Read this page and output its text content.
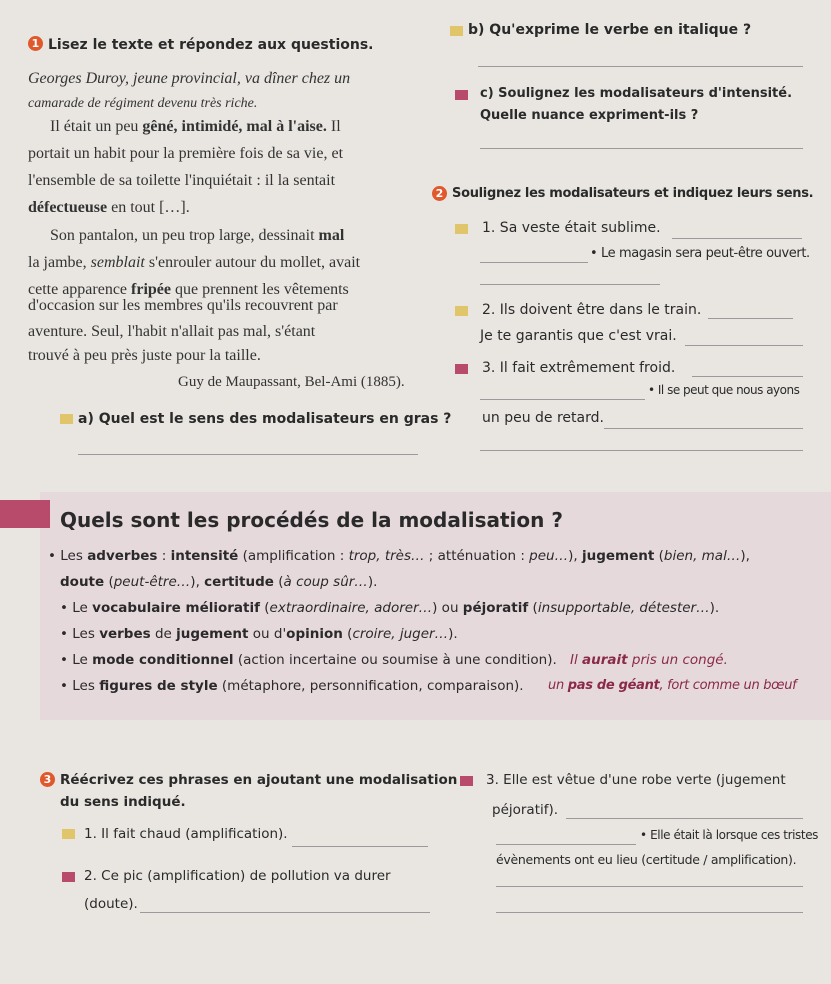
1 Lisez le texte et répondez aux questions.
Georges Duroy, jeune provincial, va dîner chez un
camarade de régiment devenu très riche.
Il était un peu gêné, intimidé, mal à l'aise. Il
portait un habit pour la première fois de sa vie, et
l'ensemble de sa toilette l'inquiétait : il la sentait
défectueuse en tout […].
Son pantalon, un peu trop large, dessinait mal
la jambe, semblait s'enrouler autour du mollet, avait
cette apparence fripée que prennent les vêtements
d'occasion sur les membres qu'ils recouvrent par
aventure. Seul, l'habit n'allait pas mal, s'étant
trouvé à peu près juste pour la taille.
Guy de Maupassant, Bel-Ami (1885).
a) Quel est le sens des modalisateurs en gras ?
b) Qu'exprime le verbe en italique ?
c) Soulignez les modalisateurs d'intensité.
Quelle nuance expriment-ils ?
2 Soulignez les modalisateurs et indiquez leurs sens.
1. Sa veste était sublime.
• Le magasin sera peut-être ouvert.
2. Ils doivent être dans le train.
Je te garantis que c'est vrai.
3. Il fait extrêmement froid.
• Il se peut que nous ayons
un peu de retard.
Quels sont les procédés de la modalisation ?
• Les adverbes : intensité (amplification : trop, très… ; atténuation : peu…), jugement (bien, mal…),
doute (peut-être…), certitude (à coup sûr…).
• Le vocabulaire mélioratif (extraordinaire, adorer…) ou péjoratif (insupportable, détester…).
• Les verbes de jugement ou d'opinion (croire, juger…).
• Le mode conditionnel (action incertaine ou soumise à une condition). Il aurait pris un congé.
• Les figures de style (métaphore, personnification, comparaison). un pas de géant, fort comme un bœuf
3 Réécrivez ces phrases en ajoutant une modalisation
du sens indiqué.
1. Il fait chaud (amplification).
2. Ce pic (amplification) de pollution va durer
(doute).
3. Elle est vêtue d'une robe verte (jugement
péjoratif).
• Elle était là lorsque ces tristes
évènements ont eu lieu (certitude / amplification).
